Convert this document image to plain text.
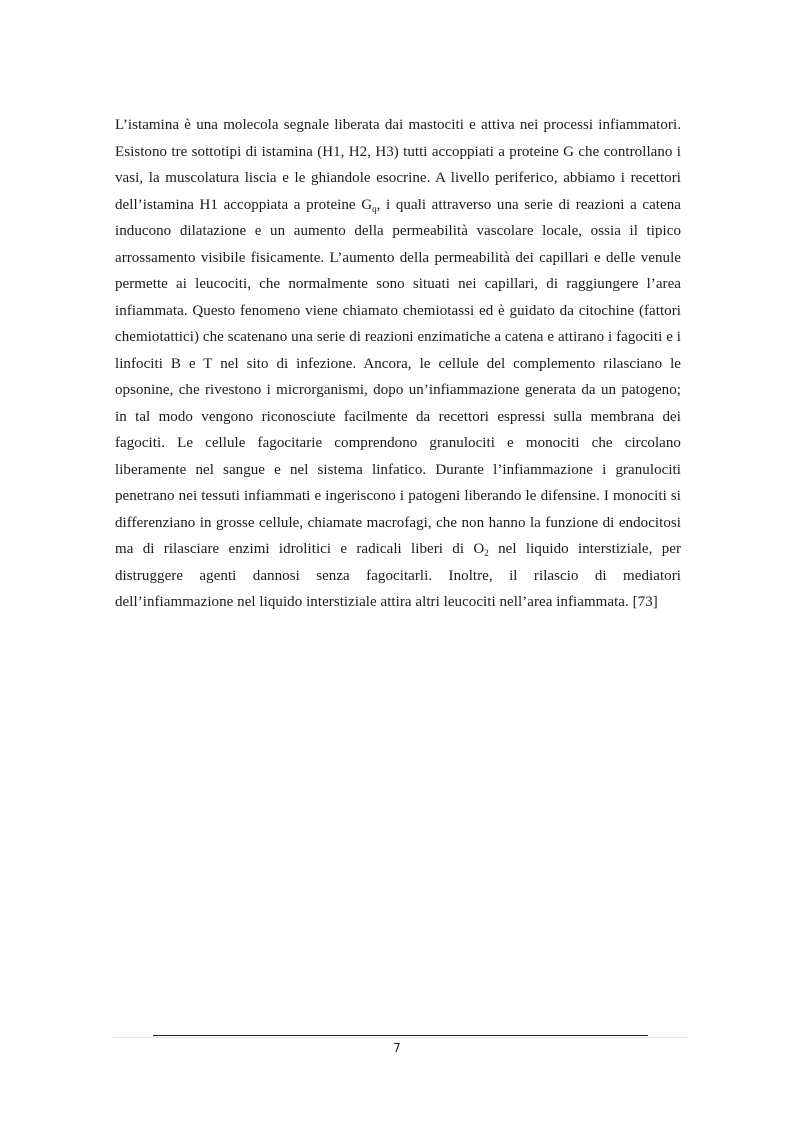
L’istamina è una molecola segnale liberata dai mastociti e attiva nei processi infiammatori. Esistono tre sottotipi di istamina (H1, H2, H3) tutti accoppiati a proteine G che controllano i vasi, la muscolatura liscia e le ghiandole esocrine. A livello periferico, abbiamo i recettori dell’istamina H1 accoppiata a proteine $G_q$, i quali attraverso una serie di reazioni a catena inducono dilatazione e un aumento della permeabilità vascolare locale, ossia il tipico arrossamento visibile fisicamente. L’aumento della permeabilità dei capillari e delle venule permette ai leucociti, che normalmente sono situati nei capillari, di raggiungere l’area infiammata. Questo fenomeno viene chiamato chemiotassi ed è guidato da citochine (fattori chemiotattici) che scatenano una serie di reazioni enzimatiche a catena e attirano i fagociti e i linfociti B e T nel sito di infezione. Ancora, le cellule del complemento rilasciano le opsonine, che rivestono i microrganismi, dopo un’infiammazione generata da un patogeno; in tal modo vengono riconosciute facilmente da recettori espressi sulla membrana dei fagociti. Le cellule fagocitarie comprendono granulociti e monociti che circolano liberamente nel sangue e nel sistema linfatico. Durante l’infiammazione i granulociti penetrano nei tessuti infiammati e ingeriscono i patogeni liberando le difensine. I monociti si differenziano in grosse cellule, chiamate macrofagi, che non hanno la funzione di endocitosi ma di rilasciare enzimi idrolitici e radicali liberi di $O_2$ nel liquido interstiziale, per distruggere agenti dannosi senza fagocitarli. Inoltre, il rilascio di mediatori dell’infiammazione nel liquido interstiziale attira altri leucociti nell’area infiammata. [73]

7
